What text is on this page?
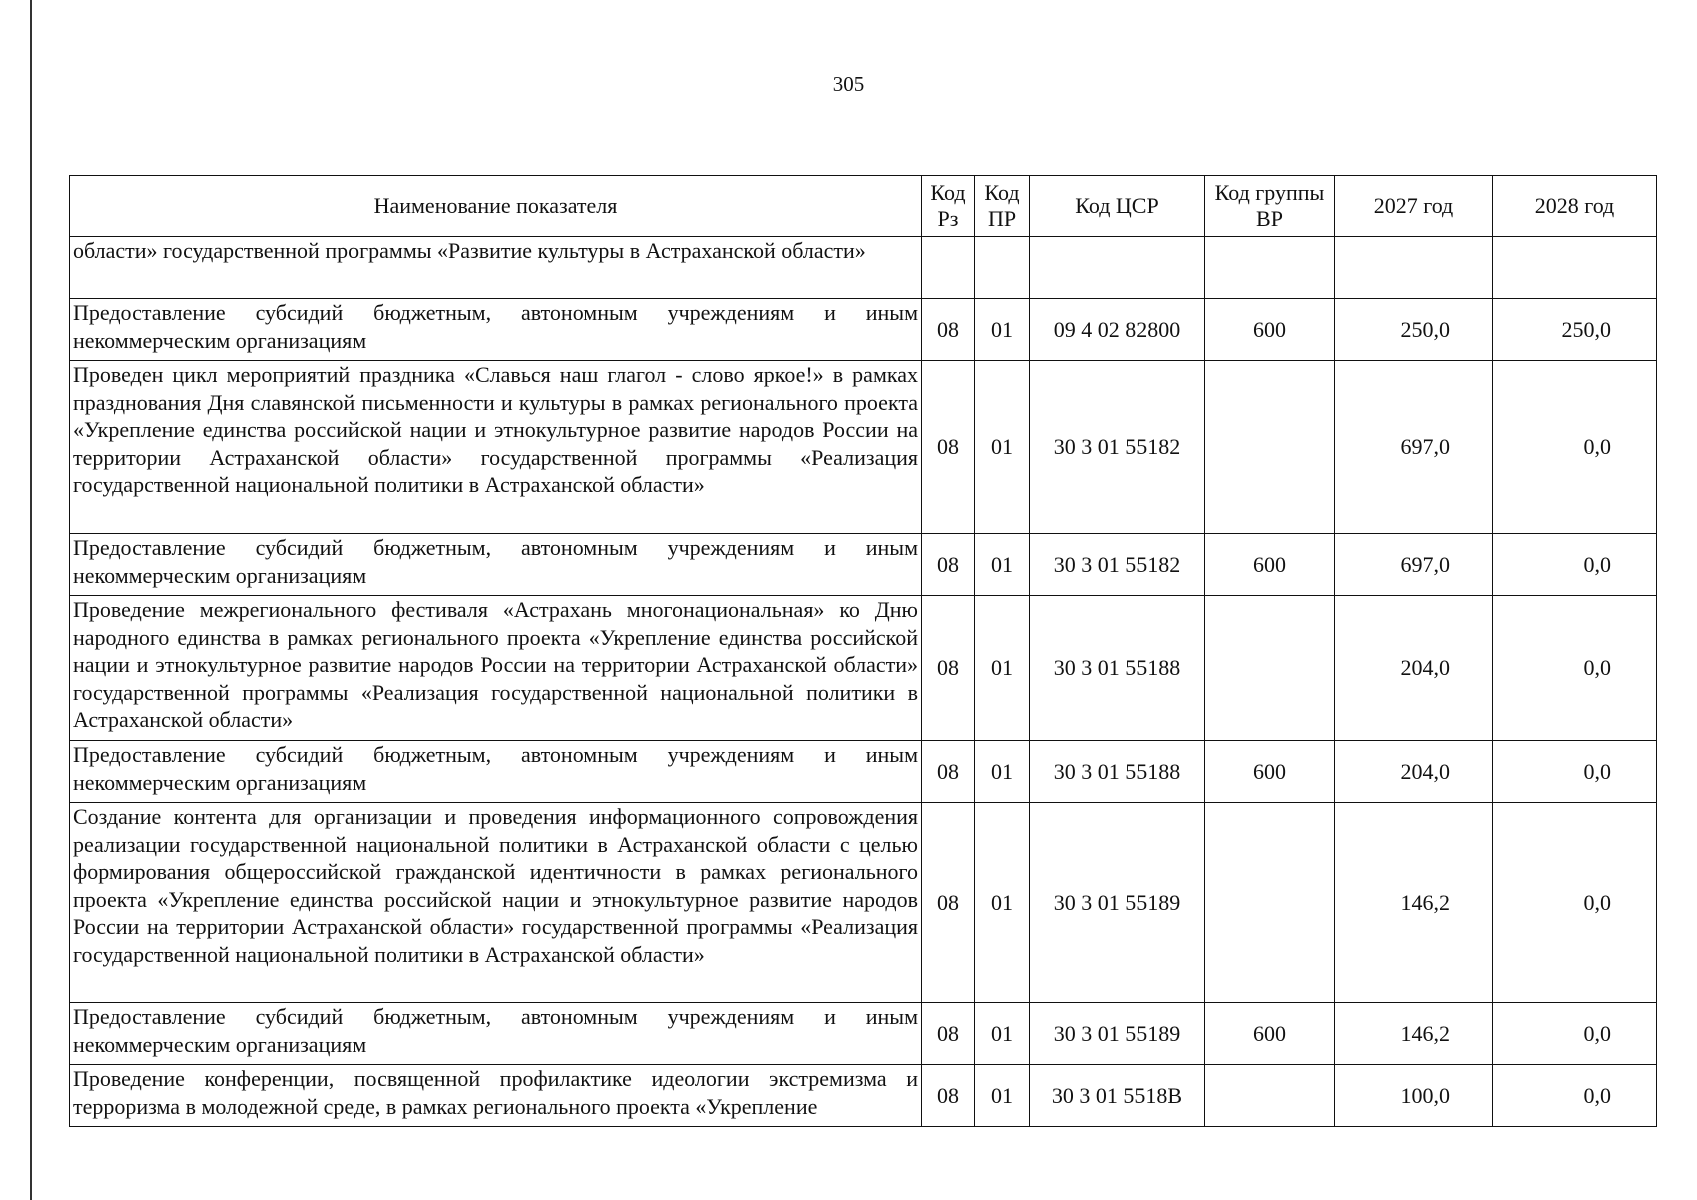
305
Наименование показателя	Код Рз	Код ПР	Код ЦСР	Код группы ВР	2027 год	2028 год
области» государственной программы «Развитие культуры в Астраханской области»						
Предоставление субсидий бюджетным, автономным учреждениям и иным некоммерческим организациям	08	01	09 4 02 82800	600	250,0	250,0
Проведен цикл мероприятий праздника «Славься наш глагол - слово яркое!» в рамках празднования Дня славянской письменности и культуры в рамках регионального проекта «Укрепление единства российской нации и этнокультурное развитие народов России на территории Астраханской области» государственной программы «Реализация государственной национальной политики в Астраханской области»	08	01	30 3 01 55182		697,0	0,0
Предоставление субсидий бюджетным, автономным учреждениям и иным некоммерческим организациям	08	01	30 3 01 55182	600	697,0	0,0
Проведение межрегионального фестиваля «Астрахань многонациональная» ко Дню народного единства в рамках регионального проекта «Укрепление единства российской нации и этнокультурное развитие народов России на территории Астраханской области» государственной программы «Реализация государственной национальной политики в Астраханской области»	08	01	30 3 01 55188		204,0	0,0
Предоставление субсидий бюджетным, автономным учреждениям и иным некоммерческим организациям	08	01	30 3 01 55188	600	204,0	0,0
Создание контента для организации и проведения информационного сопровождения реализации государственной национальной политики в Астраханской области с целью формирования общероссийской гражданской идентичности в рамках регионального проекта «Укрепление единства российской нации и этнокультурное развитие народов России на территории Астраханской области» государственной программы «Реализация государственной национальной политики в Астраханской области»	08	01	30 3 01 55189		146,2	0,0
Предоставление субсидий бюджетным, автономным учреждениям и иным некоммерческим организациям	08	01	30 3 01 55189	600	146,2	0,0
Проведение конференции, посвященной профилактике идеологии экстремизма и терроризма в молодежной среде, в рамках регионального проекта «Укрепление	08	01	30 3 01 5518В		100,0	0,0
